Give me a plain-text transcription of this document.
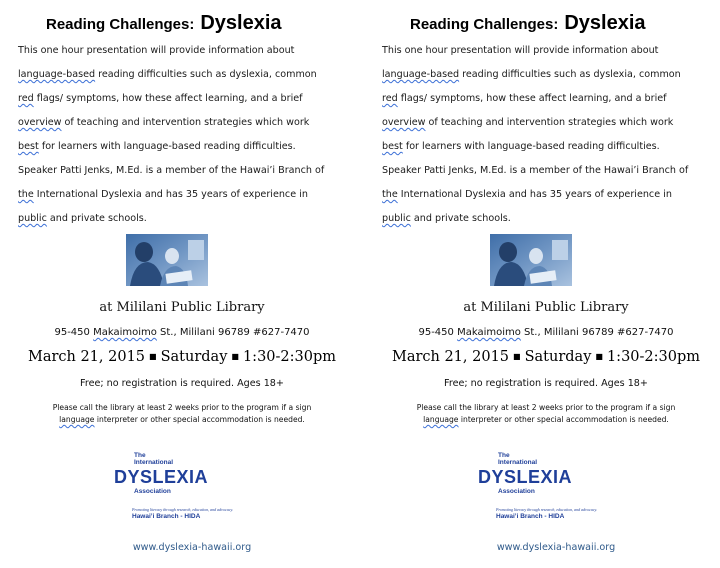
Reading Challenges: Dyslexia
This one hour presentation will provide information about
language-based reading difficulties such as dyslexia, common
red flags/ symptoms, how these affect learning, and a brief
overview of teaching and intervention strategies which work
best for learners with language-based reading difficulties.
Speaker Patti Jenks, M.Ed. is a member of the Hawai’i Branch of
the International Dyslexia and has 35 years of experience in
public and private schools.
at Mililani Public Library
95-450 Makaimoimo St., Mililani 96789 #627-7470
March 21, 2015 ■ Saturday ■ 1:30-2:30pm
Free; no registration is required. Ages 18+
Please call the library at least 2 weeks prior to the program if a sign
language interpreter or other special accommodation is needed.
The
International
DYSLEXIA
Association
Promoting literacy through research, education, and advocacy.
Hawai’i Branch - HIDA
www.dyslexia-hawaii.org
Reading Challenges: Dyslexia
This one hour presentation will provide information about
language-based reading difficulties such as dyslexia, common
red flags/ symptoms, how these affect learning, and a brief
overview of teaching and intervention strategies which work
best for learners with language-based reading difficulties.
Speaker Patti Jenks, M.Ed. is a member of the Hawai’i Branch of
the International Dyslexia and has 35 years of experience in
public and private schools.
at Mililani Public Library
95-450 Makaimoimo St., Mililani 96789 #627-7470
March 21, 2015 ■ Saturday ■ 1:30-2:30pm
Free; no registration is required. Ages 18+
Please call the library at least 2 weeks prior to the program if a sign
language interpreter or other special accommodation is needed.
The
International
DYSLEXIA
Association
Promoting literacy through research, education, and advocacy.
Hawai’i Branch - HIDA
www.dyslexia-hawaii.org
